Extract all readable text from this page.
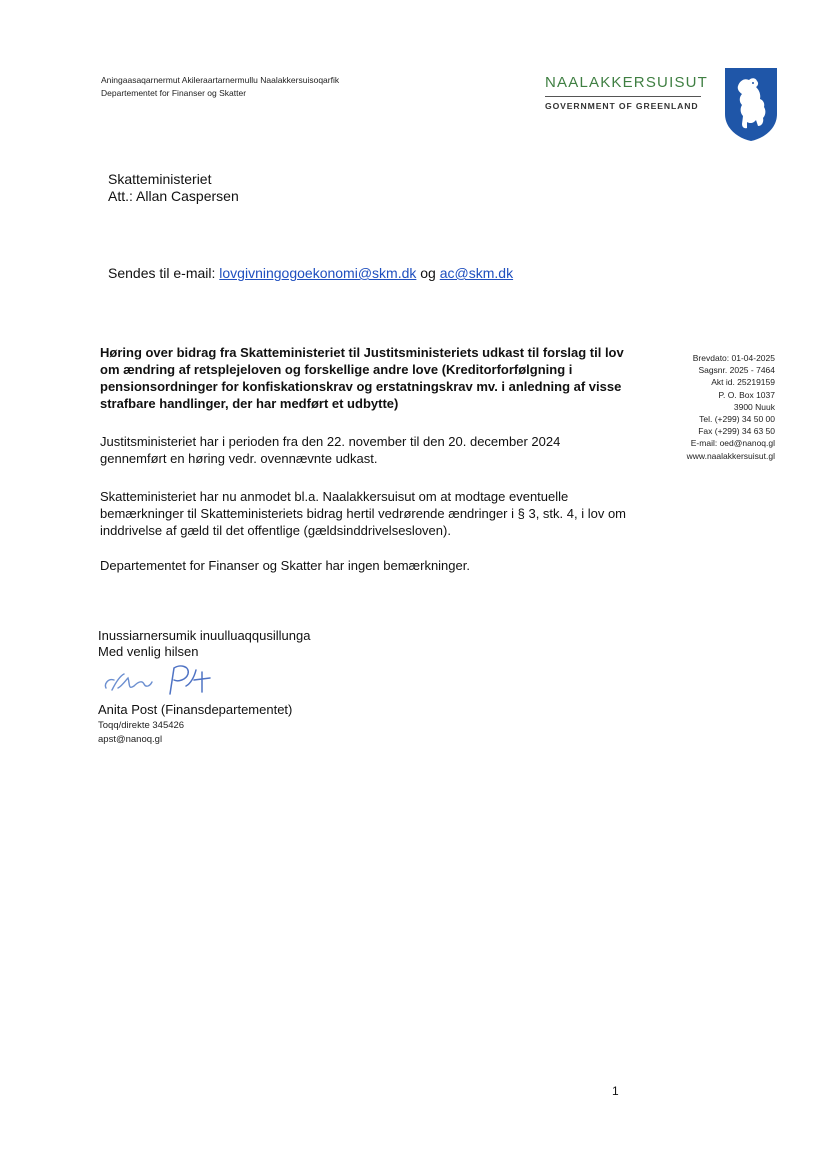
Aningaasaqarnermut Akileraartarnermullu Naalakkersuisoqarfik
Departementet for Finanser og Skatter
NAALAKKERSUISUT
GOVERNMENT OF GREENLAND
Skatteministeriet
Att.: Allan Caspersen
Sendes til e-mail: lovgivningogoekonomi@skm.dk og ac@skm.dk
Høring over bidrag fra Skatteministeriet til Justitsministeriets udkast til forslag til lov om ændring af retsplejeloven og forskellige andre love (Kreditorforfølgning i pensionsordninger for konfiskationskrav og erstatningskrav mv. i anledning af visse strafbare handlinger, der har medført et udbytte)
Brevdato: 01-04-2025
Sagsnr. 2025 - 7464
Akt id. 25219159
P. O. Box 1037
3900 Nuuk
Tel. (+299) 34 50 00
Fax (+299) 34 63 50
E-mail: oed@nanoq.gl
www.naalakkersuisut.gl
Justitsministeriet har i perioden fra den 22. november til den 20. december 2024 gennemført en høring vedr. ovennævnte udkast.
Skatteministeriet har nu anmodet bl.a. Naalakkersuisut om at modtage eventuelle bemærkninger til Skatteministeriets bidrag hertil vedrørende ændringer i § 3, stk. 4, i lov om inddrivelse af gæld til det offentlige (gældsinddrivelsesloven).
Departementet for Finanser og Skatter har ingen bemærkninger.
Inussiarnersumik inuulluaqqusillunga
Med venlig hilsen
Anita Post (Finansdepartementet)
Toqq/direkte 345426
apst@nanoq.gl
1
